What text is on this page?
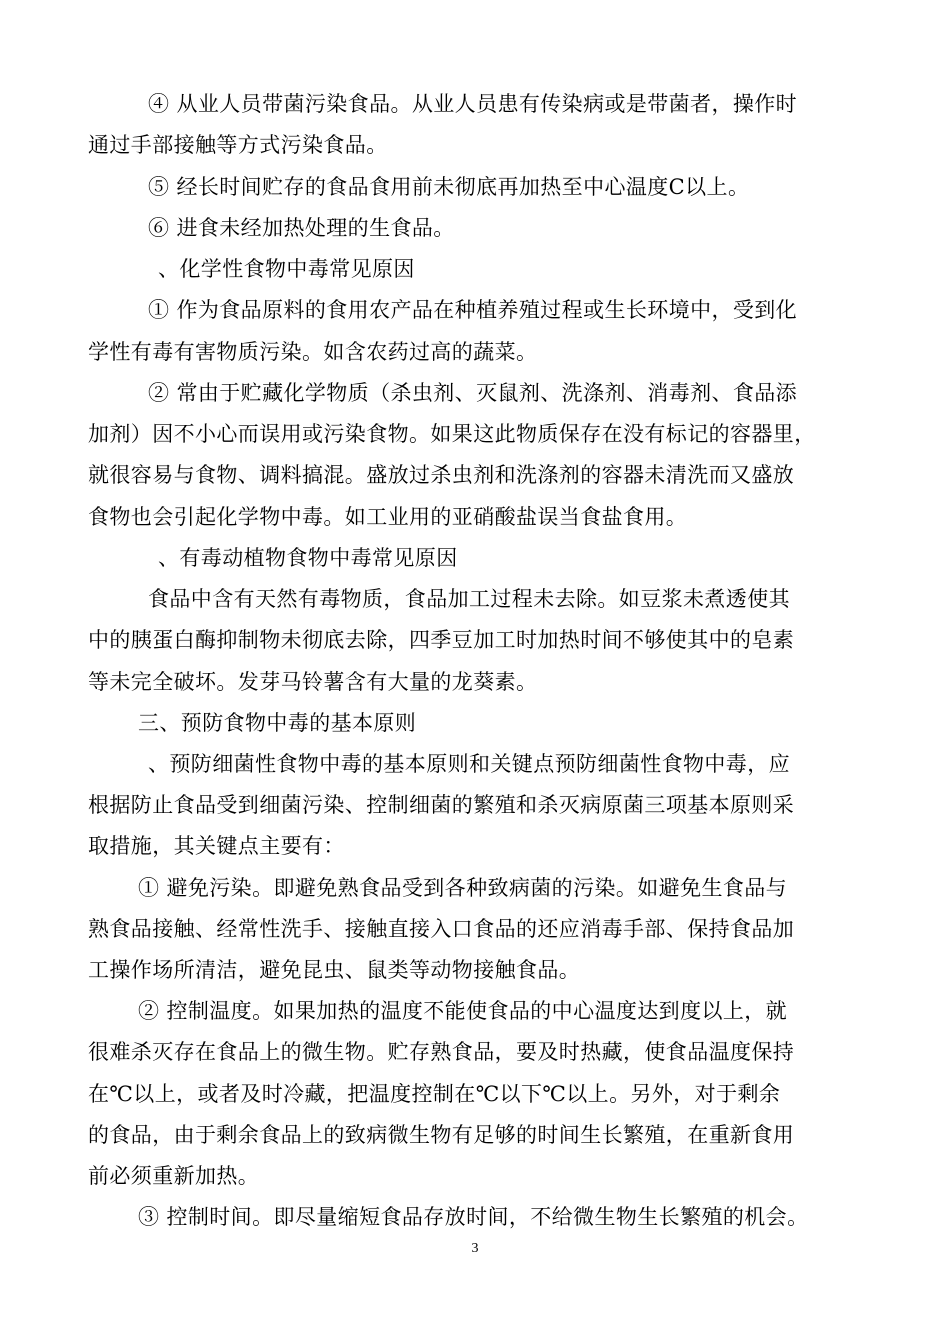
④ 从业人员带菌污染食品。从业人员患有传染病或是带菌者，操作时
通过手部接触等方式污染食品。
⑤ 经长时间贮存的食品食用前未彻底再加热至中心温度C以上。
⑥ 进食未经加热处理的生食品。
、化学性食物中毒常见原因
① 作为食品原料的食用农产品在种植养殖过程或生长环境中，受到化
学性有毒有害物质污染。如含农药过高的蔬菜。
② 常由于贮藏化学物质（杀虫剂、灭鼠剂、洗涤剂、消毒剂、食品添
加剂）因不小心而误用或污染食物。如果这此物质保存在没有标记的容器里，
就很容易与食物、调料搞混。盛放过杀虫剂和洗涤剂的容器未清洗而又盛放
食物也会引起化学物中毒。如工业用的亚硝酸盐误当食盐食用。
、有毒动植物食物中毒常见原因
食品中含有天然有毒物质，食品加工过程未去除。如豆浆未煮透使其
中的胰蛋白酶抑制物未彻底去除，四季豆加工时加热时间不够使其中的皂素
等未完全破坏。发芽马铃薯含有大量的龙葵素。
三、预防食物中毒的基本原则
、预防细菌性食物中毒的基本原则和关键点预防细菌性食物中毒，应
根据防止食品受到细菌污染、控制细菌的繁殖和杀灭病原菌三项基本原则采
取措施，其关键点主要有：
① 避免污染。即避免熟食品受到各种致病菌的污染。如避免生食品与
熟食品接触、经常性洗手、接触直接入口食品的还应消毒手部、保持食品加
工操作场所清洁，避免昆虫、鼠类等动物接触食品。
② 控制温度。如果加热的温度不能使食品的中心温度达到度以上，就
很难杀灭存在食品上的微生物。贮存熟食品，要及时热藏，使食品温度保持
在℃以上，或者及时冷藏，把温度控制在℃以下℃以上。另外，对于剩余
的食品，由于剩余食品上的致病微生物有足够的时间生长繁殖，在重新食用
前必须重新加热。
③ 控制时间。即尽量缩短食品存放时间，不给微生物生长繁殖的机会。
3
